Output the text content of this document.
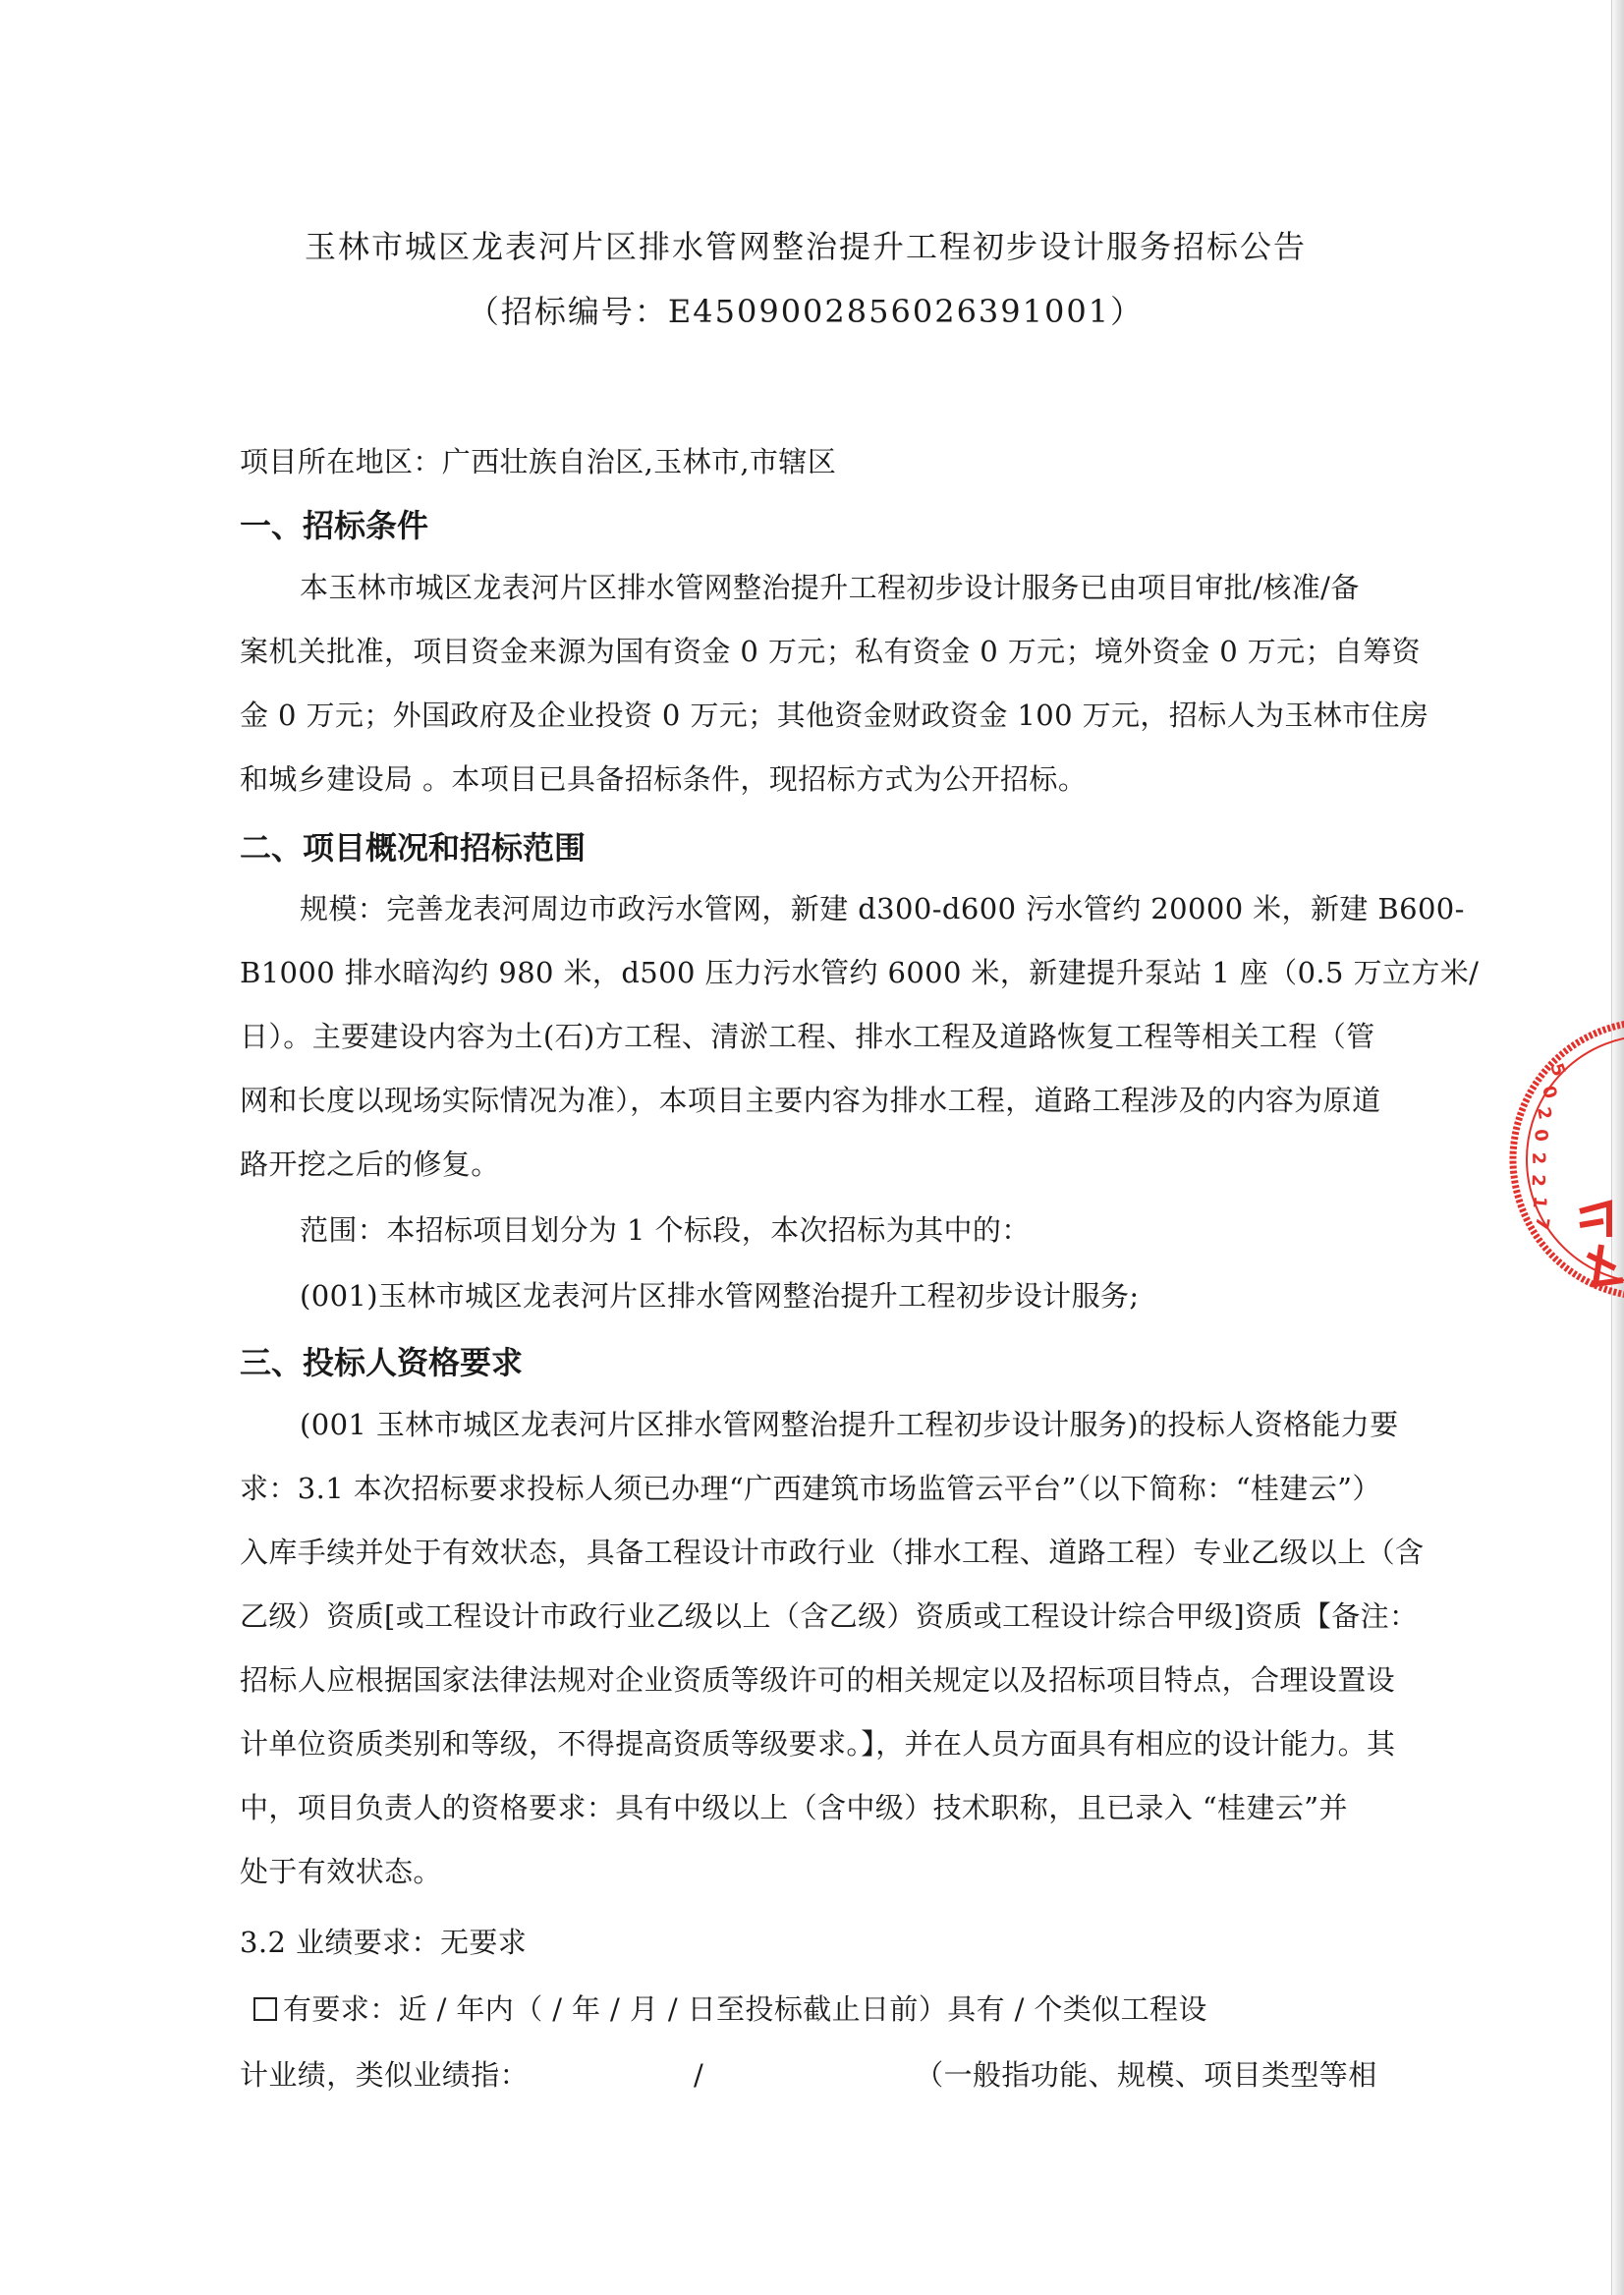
玉林市城区龙表河片区排水管网整治提升工程初步设计服务招标公告
（招标编号：E4509002856026391001）
项目所在地区：广西壮族自治区,玉林市,市辖区
一、招标条件
本玉林市城区龙表河片区排水管网整治提升工程初步设计服务已由项目审批/核准/备
案机关批准，项目资金来源为国有资金 0 万元；私有资金 0 万元；境外资金 0 万元；自筹资
金 0 万元；外国政府及企业投资 0 万元；其他资金财政资金 100 万元，招标人为玉林市住房
和城乡建设局 。本项目已具备招标条件，现招标方式为公开招标。
二、项目概况和招标范围
规模：完善龙表河周边市政污水管网，新建 d300-d600 污水管约 20000 米，新建 B600-
B1000 排水暗沟约 980 米，d500 压力污水管约 6000 米，新建提升泵站 1 座（0.5 万立方米/
日）。主要建设内容为土(石)方工程、清淤工程、排水工程及道路恢复工程等相关工程（管
网和长度以现场实际情况为准），本项目主要内容为排水工程，道路工程涉及的内容为原道
路开挖之后的修复。
范围：本招标项目划分为 1 个标段，本次招标为其中的：
(001)玉林市城区龙表河片区排水管网整治提升工程初步设计服务;
三、投标人资格要求
(001 玉林市城区龙表河片区排水管网整治提升工程初步设计服务)的投标人资格能力要
求：3.1 本次招标要求投标人须已办理“广西建筑市场监管云平台”（以下简称：“桂建云”）
入库手续并处于有效状态，具备工程设计市政行业（排水工程、道路工程）专业乙级以上（含
乙级）资质[或工程设计市政行业乙级以上（含乙级）资质或工程设计综合甲级]资质【备注：
招标人应根据国家法律法规对企业资质等级许可的相关规定以及招标项目特点，合理设置设
计单位资质类别和等级，不得提高资质等级要求。】，并在人员方面具有相应的设计能力。其
中，项目负责人的资格要求：具有中级以上（含中级）技术职称，且已录入 “桂建云”并
处于有效状态。
3.2 业绩要求：无要求
有要求：近 / 年内（ / 年 / 月 / 日至投标截止日前）具有 / 个类似工程设
计业绩，类似业绩指：	/	（一般指功能、规模、项目类型等相
5
0
2
0
2
2
1
7
